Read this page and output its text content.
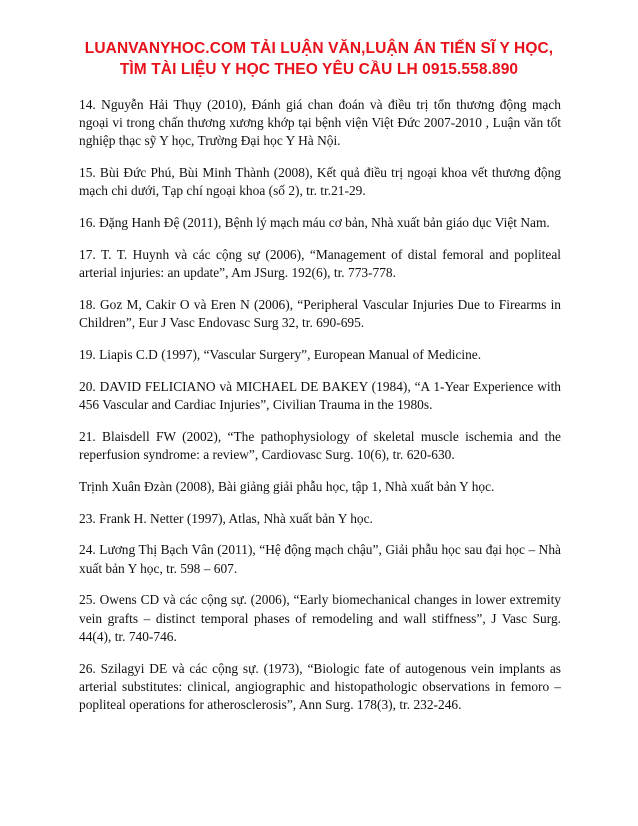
LUANVANYHOC.COM TẢI LUẬN VĂN,LUẬN ÁN TIẾN SĨ Y HỌC,
TÌM TÀI LIỆU Y HỌC THEO YÊU CẦU LH 0915.558.890

14. Nguyễn Hải Thụy (2010), Đánh giá chan đoán và điều trị tổn thương động mạch ngoại vi trong chấn thương xương khớp tại bệnh viện Việt Đức 2007-2010 , Luận văn tốt nghiệp thạc sỹ Y học, Trường Đại học Y Hà Nội.

15. Bùi Đức Phú, Bùi Minh Thành (2008), Kết quả điều trị ngoại khoa vết thương động mạch chi dưới, Tạp chí ngoại khoa (số 2), tr. tr.21-29.

16. Đặng Hanh Đệ (2011), Bệnh lý mạch máu cơ bản, Nhà xuất bản giáo dục Việt Nam.

17. T. T. Huynh và các cộng sự (2006), “Management of distal femoral and popliteal arterial injuries: an update”, Am JSurg. 192(6), tr. 773-778.

18. Goz M, Cakir O và Eren N (2006), “Peripheral Vascular Injuries Due to Firearms in Children”, Eur J Vasc Endovasc Surg 32, tr. 690-695.

19. Liapis C.D (1997), “Vascular Surgery”, European Manual of Medicine.

20. DAVID FELICIANO và MICHAEL DE BAKEY (1984), “A 1-Year Experience with 456 Vascular and Cardiac Injuries”, Civilian Trauma in the 1980s.

21. Blaisdell FW (2002), “The pathophysiology of skeletal muscle ischemia and the reperfusion syndrome: a review”, Cardiovasc Surg. 10(6), tr. 620-630.

Trịnh Xuân Đzàn (2008), Bài giảng giải phẫu học, tập 1, Nhà xuất bản Y học.

23. Frank H. Netter (1997), Atlas, Nhà xuất bản Y học.

24. Lương Thị Bạch Vân (2011), “Hệ động mạch chậu”, Giải phẫu học sau đại học – Nhà xuất bản Y học, tr. 598 – 607.

25. Owens CD và các cộng sự. (2006), “Early biomechanical changes in lower extremity vein grafts – distinct temporal phases of remodeling and wall stiffness”, J Vasc Surg. 44(4), tr. 740-746.

26. Szilagyi DE và các cộng sự. (1973), “Biologic fate of autogenous vein implants as arterial substitutes: clinical, angiographic and histopathologic observations in femoro – popliteal operations for atherosclerosis”, Ann Surg. 178(3), tr. 232-246.
